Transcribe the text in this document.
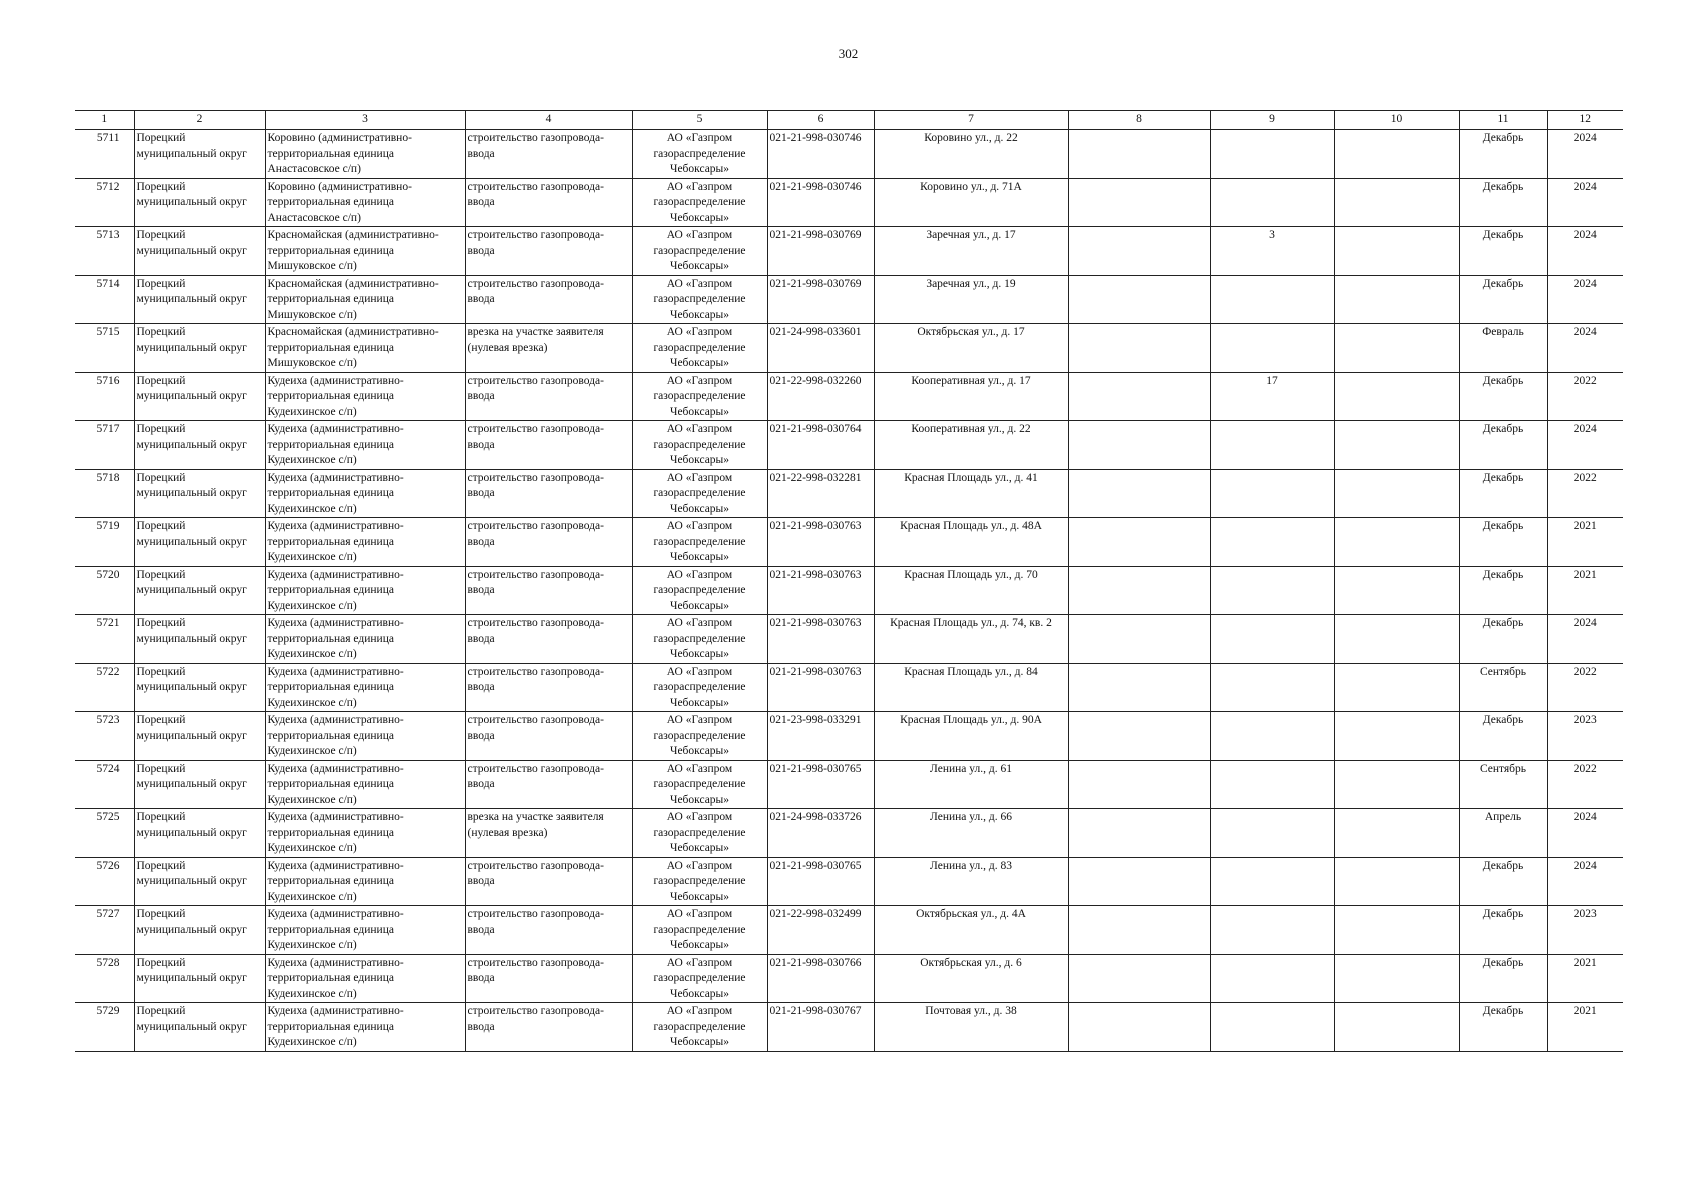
302
1	2	3	4	5	6	7	8	9	10	11	12
5711	Порецкий муниципальный округ	Коровино (административно-территориальная единица Анастасовское с/п)	строительство газопровода-ввода	АО «Газпром газораспределение Чебоксары»	021-21-998-030746	Коровино ул., д. 22				Декабрь	2024
5712	Порецкий муниципальный округ	Коровино (административно-территориальная единица Анастасовское с/п)	строительство газопровода-ввода	АО «Газпром газораспределение Чебоксары»	021-21-998-030746	Коровино ул., д. 71А				Декабрь	2024
5713	Порецкий муниципальный округ	Красномайская (административно-территориальная единица Мишуковское с/п)	строительство газопровода-ввода	АО «Газпром газораспределение Чебоксары»	021-21-998-030769	Заречная ул., д. 17		3		Декабрь	2024
5714	Порецкий муниципальный округ	Красномайская (административно-территориальная единица Мишуковское с/п)	строительство газопровода-ввода	АО «Газпром газораспределение Чебоксары»	021-21-998-030769	Заречная ул., д. 19				Декабрь	2024
5715	Порецкий муниципальный округ	Красномайская (административно-территориальная единица Мишуковское с/п)	врезка на участке заявителя (нулевая врезка)	АО «Газпром газораспределение Чебоксары»	021-24-998-033601	Октябрьская ул., д. 17				Февраль	2024
5716	Порецкий муниципальный округ	Кудеиха (административно-территориальная единица Кудеихинское с/п)	строительство газопровода-ввода	АО «Газпром газораспределение Чебоксары»	021-22-998-032260	Кооперативная ул., д. 17		17		Декабрь	2022
5717	Порецкий муниципальный округ	Кудеиха (административно-территориальная единица Кудеихинское с/п)	строительство газопровода-ввода	АО «Газпром газораспределение Чебоксары»	021-21-998-030764	Кооперативная ул., д. 22				Декабрь	2024
5718	Порецкий муниципальный округ	Кудеиха (административно-территориальная единица Кудеихинское с/п)	строительство газопровода-ввода	АО «Газпром газораспределение Чебоксары»	021-22-998-032281	Красная Площадь ул., д. 41				Декабрь	2022
5719	Порецкий муниципальный округ	Кудеиха (административно-территориальная единица Кудеихинское с/п)	строительство газопровода-ввода	АО «Газпром газораспределение Чебоксары»	021-21-998-030763	Красная Площадь ул., д. 48А				Декабрь	2021
5720	Порецкий муниципальный округ	Кудеиха (административно-территориальная единица Кудеихинское с/п)	строительство газопровода-ввода	АО «Газпром газораспределение Чебоксары»	021-21-998-030763	Красная Площадь ул., д. 70				Декабрь	2021
5721	Порецкий муниципальный округ	Кудеиха (административно-территориальная единица Кудеихинское с/п)	строительство газопровода-ввода	АО «Газпром газораспределение Чебоксары»	021-21-998-030763	Красная Площадь ул., д. 74, кв. 2				Декабрь	2024
5722	Порецкий муниципальный округ	Кудеиха (административно-территориальная единица Кудеихинское с/п)	строительство газопровода-ввода	АО «Газпром газораспределение Чебоксары»	021-21-998-030763	Красная Площадь ул., д. 84				Сентябрь	2022
5723	Порецкий муниципальный округ	Кудеиха (административно-территориальная единица Кудеихинское с/п)	строительство газопровода-ввода	АО «Газпром газораспределение Чебоксары»	021-23-998-033291	Красная Площадь ул., д. 90А				Декабрь	2023
5724	Порецкий муниципальный округ	Кудеиха (административно-территориальная единица Кудеихинское с/п)	строительство газопровода-ввода	АО «Газпром газораспределение Чебоксары»	021-21-998-030765	Ленина ул., д. 61				Сентябрь	2022
5725	Порецкий муниципальный округ	Кудеиха (административно-территориальная единица Кудеихинское с/п)	врезка на участке заявителя (нулевая врезка)	АО «Газпром газораспределение Чебоксары»	021-24-998-033726	Ленина ул., д. 66				Апрель	2024
5726	Порецкий муниципальный округ	Кудеиха (административно-территориальная единица Кудеихинское с/п)	строительство газопровода-ввода	АО «Газпром газораспределение Чебоксары»	021-21-998-030765	Ленина ул., д. 83				Декабрь	2024
5727	Порецкий муниципальный округ	Кудеиха (административно-территориальная единица Кудеихинское с/п)	строительство газопровода-ввода	АО «Газпром газораспределение Чебоксары»	021-22-998-032499	Октябрьская ул., д. 4А				Декабрь	2023
5728	Порецкий муниципальный округ	Кудеиха (административно-территориальная единица Кудеихинское с/п)	строительство газопровода-ввода	АО «Газпром газораспределение Чебоксары»	021-21-998-030766	Октябрьская ул., д. 6				Декабрь	2021
5729	Порецкий муниципальный округ	Кудеиха (административно-территориальная единица Кудеихинское с/п)	строительство газопровода-ввода	АО «Газпром газораспределение Чебоксары»	021-21-998-030767	Почтовая ул., д. 38				Декабрь	2021
